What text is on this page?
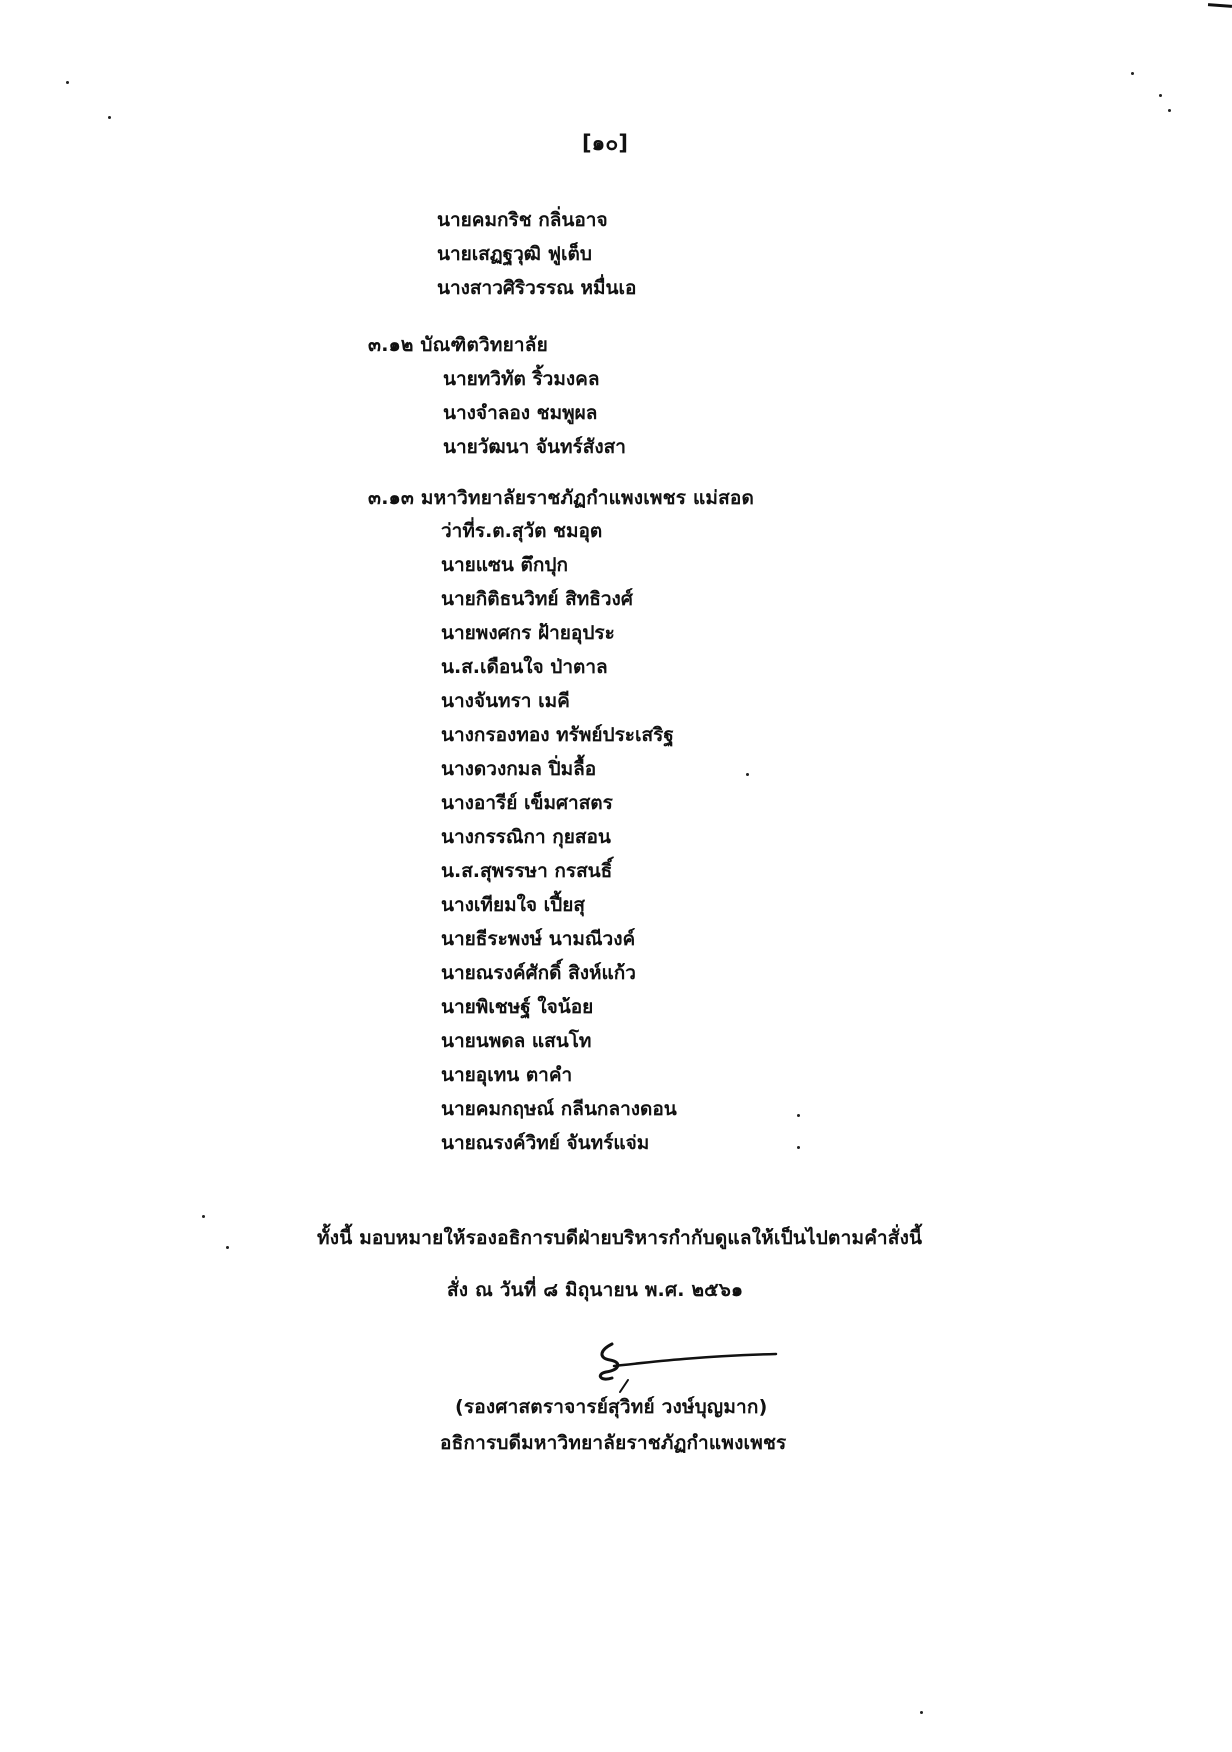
[๑๐]
นายคมกริช กลิ่นอาจ
นายเสฏฐวุฒิ ฟูเต็บ
นางสาวศิริวรรณ หมื่นเอ
๓.๑๒ บัณฑิตวิทยาลัย
นายทวิทัต ริ้วมงคล
นางจำลอง ชมพูผล
นายวัฒนา จันทร์สังสา
๓.๑๓ มหาวิทยาลัยราชภัฏกำแพงเพชร แม่สอด
ว่าที่ร.ต.สุวัต ชมอุต
นายแซน ตึกปุก
นายกิติธนวิทย์ สิทธิวงศ์
นายพงศกร ฝ้ายอุประ
น.ส.เดือนใจ ป่าตาล
นางจันทรา เมคี
นางกรองทอง ทรัพย์ประเสริฐ
นางดวงกมล ปิ่มลื้อ
นางอารีย์ เข็มศาสตร
นางกรรณิกา กุยสอน
น.ส.สุพรรษา กรสนธิ์
นางเทียมใจ เปี้ยสุ
นายธีระพงษ์ นามณีวงค์
นายณรงค์ศักดิ์ สิงห์แก้ว
นายพิเชษฐ์ ใจน้อย
นายนพดล แสนโท
นายอุเทน ตาคำ
นายคมกฤษณ์ กลีนกลางดอน
นายณรงค์วิทย์ จันทร์แจ่ม
ทั้งนี้ มอบหมายให้รองอธิการบดีฝ่ายบริหารกำกับดูแลให้เป็นไปตามคำสั่งนี้
สั่ง ณ วันที่ ๘ มิถุนายน พ.ศ. ๒๕๖๑
(รองศาสตราจารย์สุวิทย์ วงษ์บุญมาก)
อธิการบดีมหาวิทยาลัยราชภัฏกำแพงเพชร
